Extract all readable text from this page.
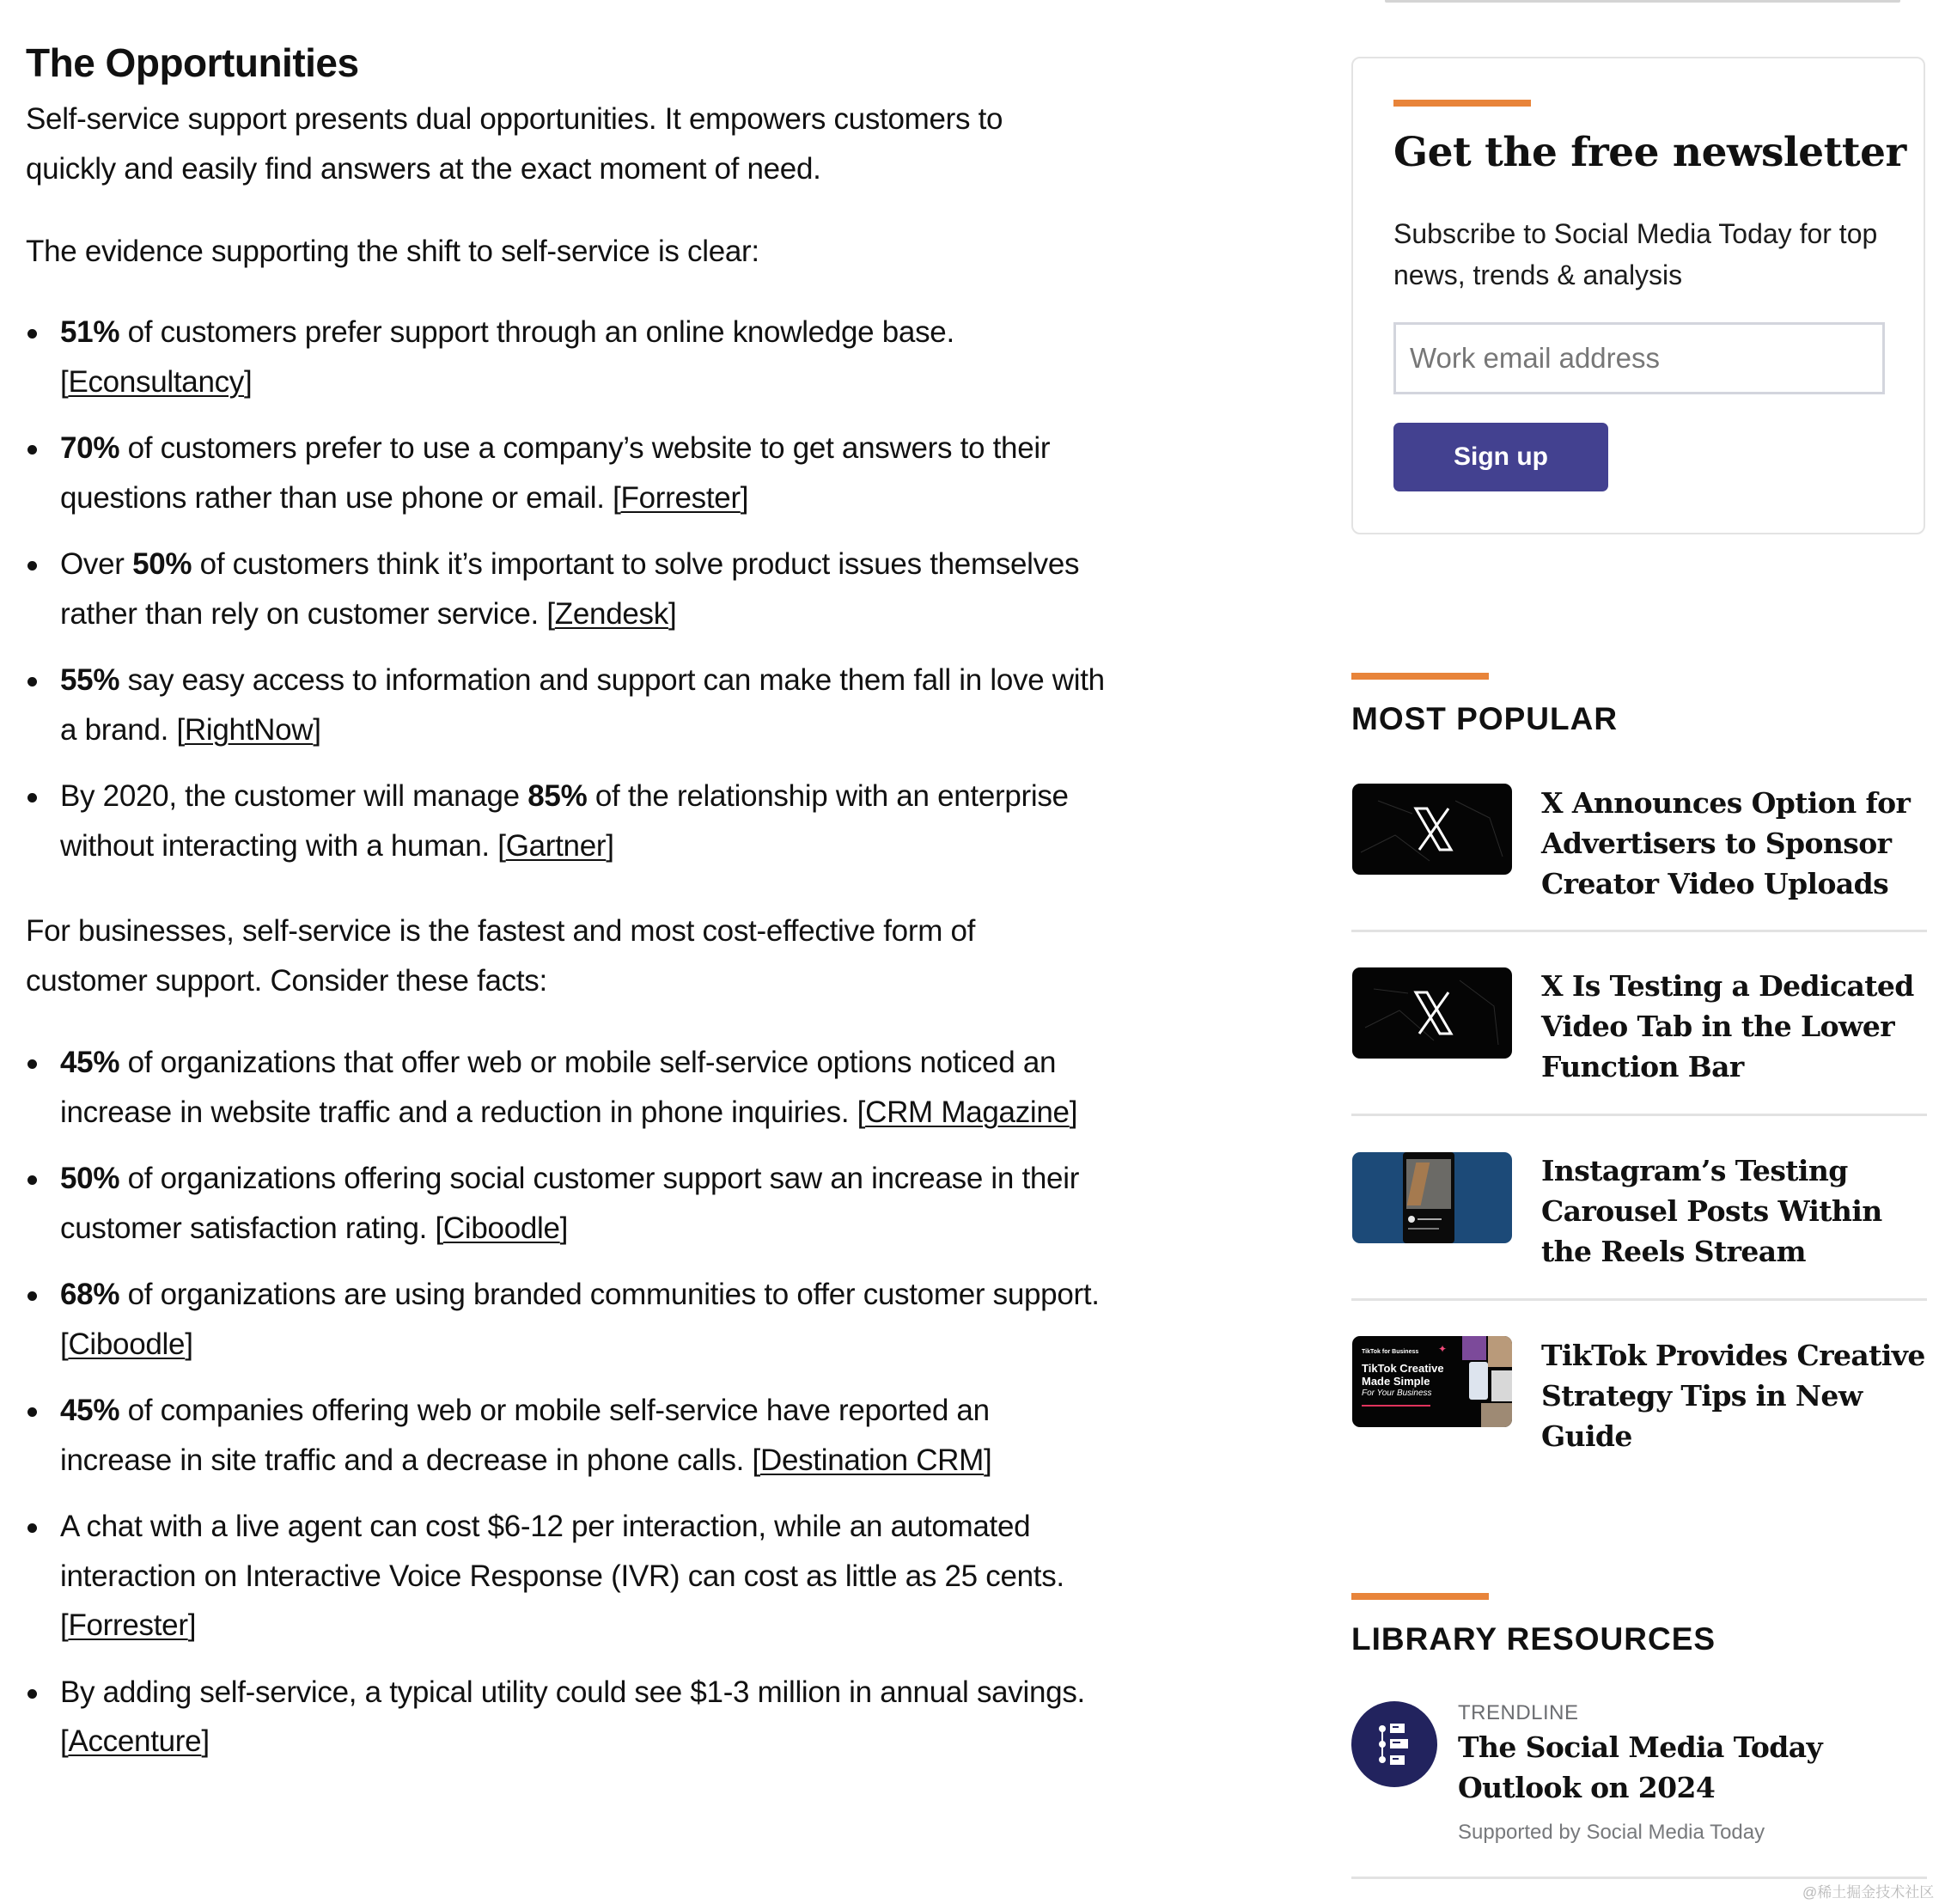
The Opportunities

Self-service support presents dual opportunities. It empowers customers to quickly and easily find answers at the exact moment of need.

The evidence supporting the shift to self-service is clear:

51% of customers prefer support through an online knowledge base. [Econsultancy]
70% of customers prefer to use a company’s website to get answers to their questions rather than use phone or email. [Forrester]
Over 50% of customers think it’s important to solve product issues themselves rather than rely on customer service. [Zendesk]
55% say easy access to information and support can make them fall in love with a brand. [RightNow]
By 2020, the customer will manage 85% of the relationship with an enterprise without interacting with a human. [Gartner]

For businesses, self-service is the fastest and most cost-effective form of customer support. Consider these facts:

45% of organizations that offer web or mobile self-service options noticed an increase in website traffic and a reduction in phone inquiries. [CRM Magazine]
50% of organizations offering social customer support saw an increase in their customer satisfaction rating. [Ciboodle]
68% of organizations are using branded communities to offer customer support. [Ciboodle]
45% of companies offering web or mobile self-service have reported an increase in site traffic and a decrease in phone calls. [Destination CRM]
A chat with a live agent can cost $6-12 per interaction, while an automated interaction on Interactive Voice Response (IVR) can cost as little as 25 cents. [Forrester]
By adding self-service, a typical utility could see $1-3 million in annual savings. [Accenture]
Get the free newsletter
Subscribe to Social Media Today for top news, trends & analysis
Work email address
Sign up
MOST POPULAR
X Announces Option for Advertisers to Sponsor Creator Video Uploads
X Is Testing a Dedicated Video Tab in the Lower Function Bar
Instagram’s Testing Carousel Posts Within the Reels Stream
TikTok for Business
TikTok Creative
Made Simple
For Your Business
✦	TikTok Provides Creative Strategy Tips in New Guide
LIBRARY RESOURCES
TRENDLINE
The Social Media Today Outlook on 2024
Supported by Social Media Today
@稀土掘金技术社区
